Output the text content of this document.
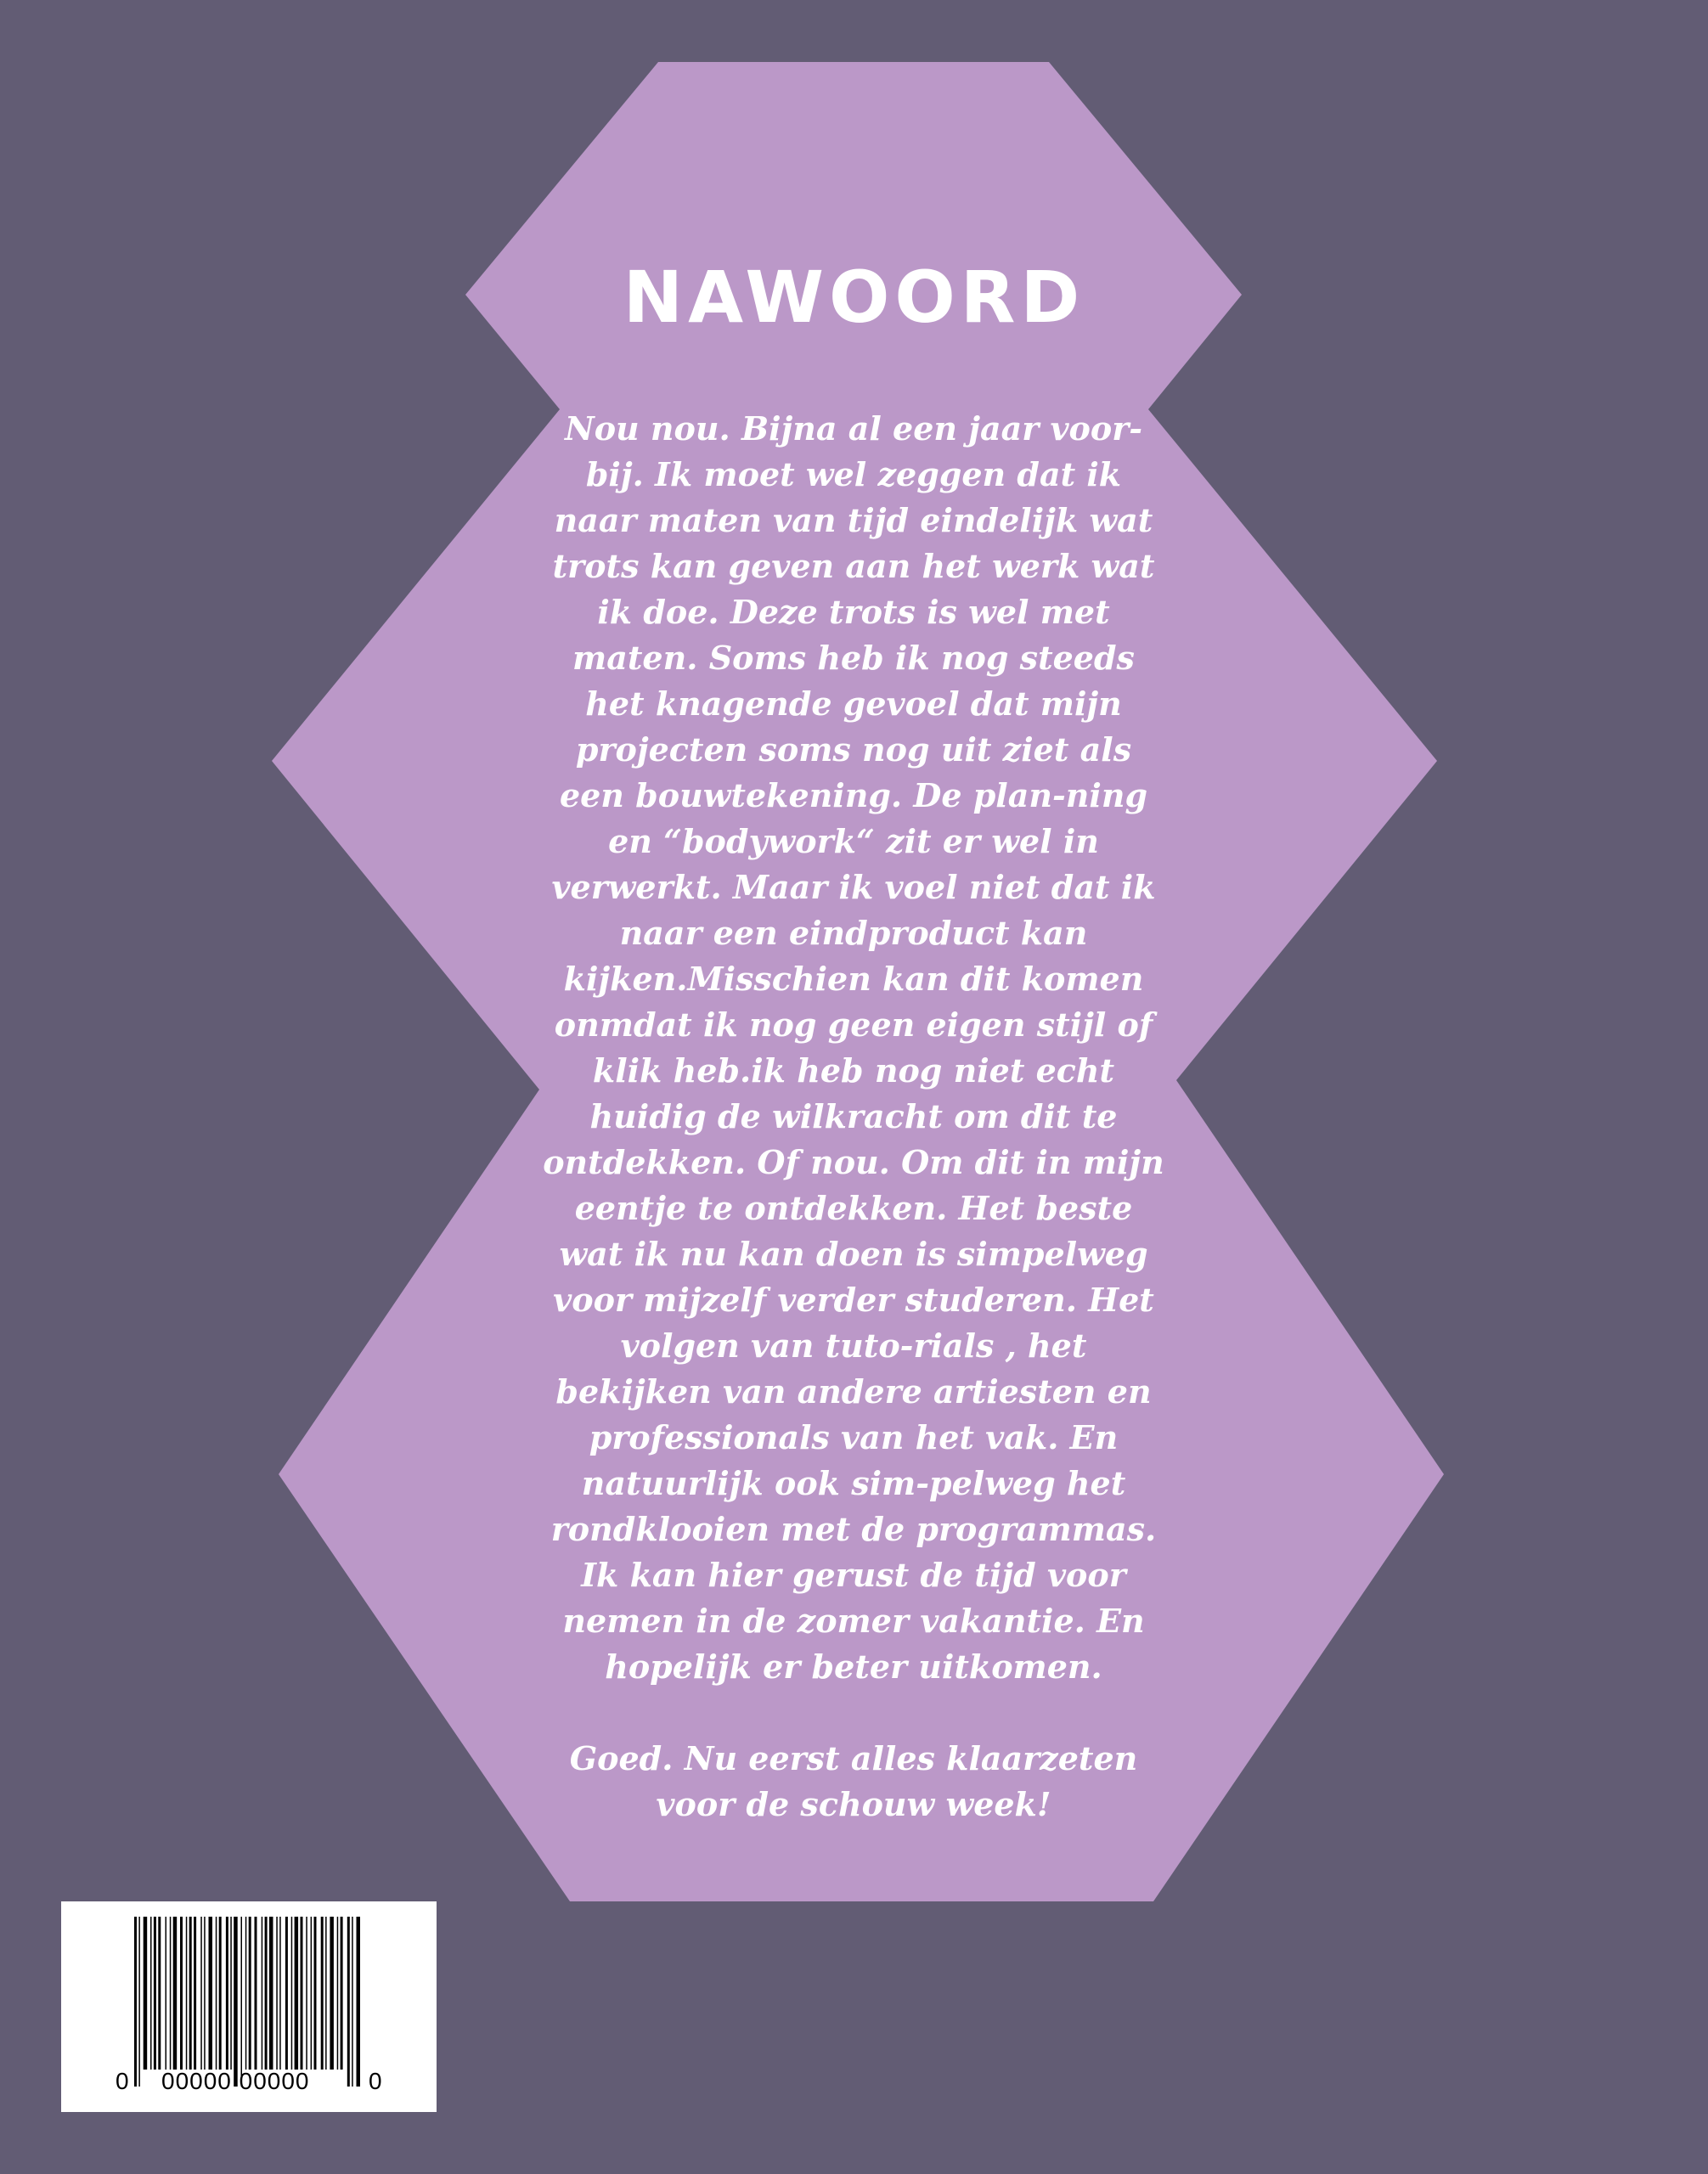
NAWOORD

Nou nou. Bijna al een jaar voor-bij. Ik moet wel zeggen dat ik naar maten van tijd eindelijk wat trots kan geven aan het werk wat ik doe. Deze trots is wel met maten. Soms heb ik nog steeds het knagende gevoel dat mijn projecten soms nog uit ziet als een bouwtekening. De plan-ning en “bodywork“ zit er wel in verwerkt. Maar ik voel niet dat ik naar een eindproduct kan kijken.Misschien kan dit komen onmdat ik nog geen eigen stijl of klik heb.ik heb nog niet echt huidig de wilkracht om dit te ontdekken. Of nou. Om dit in mijn eentje te ontdekken. Het beste wat ik nu kan doen is simpelweg voor mijzelf verder studeren. Het volgen van tuto-rials , het bekijken van andere artiesten en professionals van het vak. En natuurlijk ook sim-pelweg het rondklooien met de programmas. Ik kan hier gerust de tijd voor nemen in de zomer vakantie. En hopelijk er beter uitkomen.

Goed. Nu eerst alles klaarzeten voor de schouw week!

0 00000 00000 0
